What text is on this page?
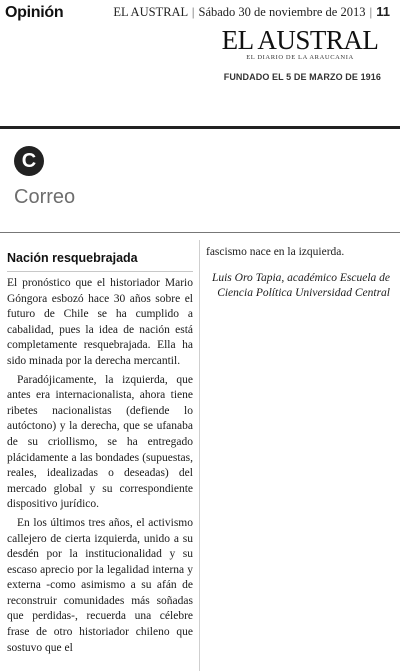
Opinión	EL AUSTRAL | Sábado 30 de noviembre de 2013 | 11
EL AUSTRAL
EL DIARIO DE LA ARAUCANIA
FUNDADO EL 5 DE MARZO DE 1916
C
Correo
Nación resquebrajada

El pronóstico que el historiador Mario Góngora esbozó hace 30 años sobre el futuro de Chile se ha cumplido a cabalidad, pues la idea de nación está completamente resquebrajada. Ella ha sido minada por la derecha mercantil.

Paradójicamente, la izquierda, que antes era internacionalista, ahora tiene ribetes nacionalistas (defiende lo autóctono) y la derecha, que se ufanaba de su criollismo, se ha entregado plácidamente a las bondades (supuestas, reales, idealizadas o deseadas) del mercado global y su correspondiente dispositivo jurídico.

En los últimos tres años, el activismo callejero de cierta izquierda, unido a su desdén por la institucionalidad y su escaso aprecio por la legalidad interna y externa -como asimismo a su afán de reconstruir comunidades más soñadas que perdidas-, recuerda una célebre frase de otro historiador chileno que sostuvo que el

fascismo nace en la izquierda.

Luis Oro Tapia, académico Escuela de Ciencia Política Universidad Central
